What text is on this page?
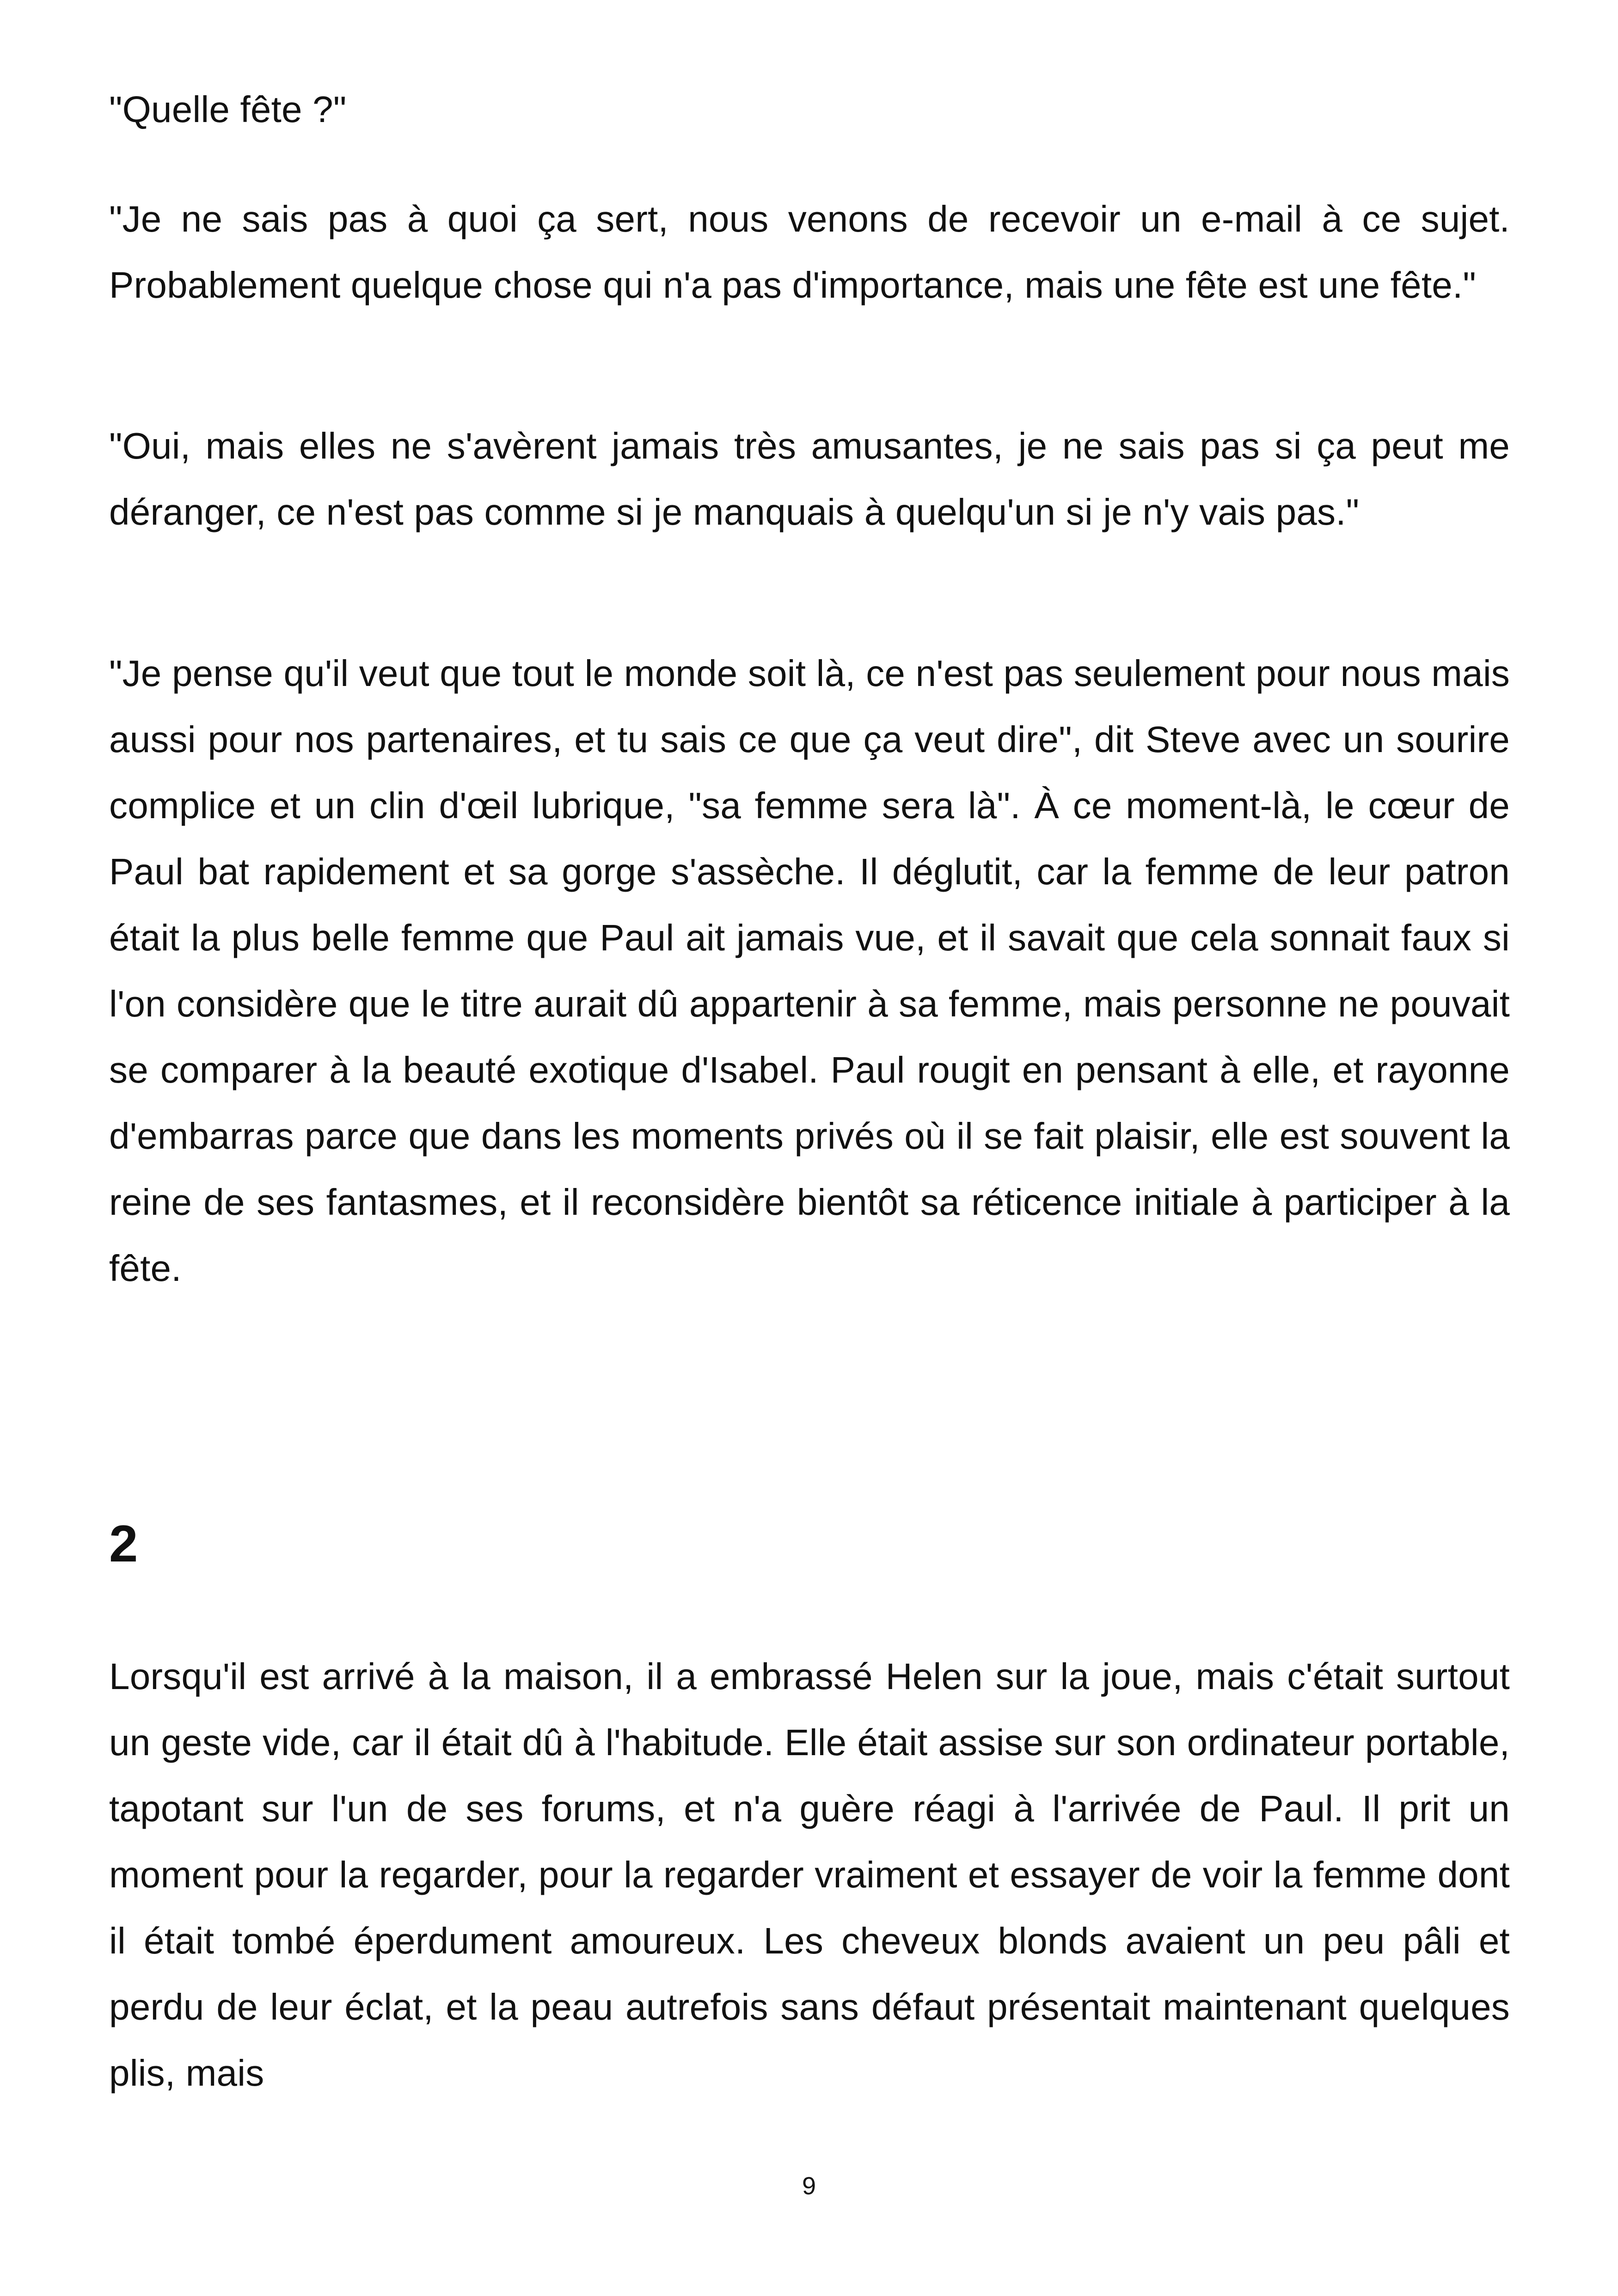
"Quelle fête ?"

"Je ne sais pas à quoi ça sert, nous venons de recevoir un e-mail à ce sujet. Probablement quelque chose qui n'a pas d'importance, mais une fête est une fête."

"Oui, mais elles ne s'avèrent jamais très amusantes, je ne sais pas si ça peut me déranger, ce n'est pas comme si je manquais à quelqu'un si je n'y vais pas."

"Je pense qu'il veut que tout le monde soit là, ce n'est pas seulement pour nous mais aussi pour nos partenaires, et tu sais ce que ça veut dire", dit Steve avec un sourire complice et un clin d'œil lubrique, "sa femme sera là". À ce moment-là, le cœur de Paul bat rapidement et sa gorge s'assèche. Il déglutit, car la femme de leur patron était la plus belle femme que Paul ait jamais vue, et il savait que cela sonnait faux si l'on considère que le titre aurait dû appartenir à sa femme, mais personne ne pouvait se comparer à la beauté exotique d'Isabel. Paul rougit en pensant à elle, et rayonne d'embarras parce que dans les moments privés où il se fait plaisir, elle est souvent la reine de ses fantasmes, et il reconsidère bientôt sa réticence initiale à participer à la fête.

2

Lorsqu'il est arrivé à la maison, il a embrassé Helen sur la joue, mais c'était surtout un geste vide, car il était dû à l'habitude. Elle était assise sur son ordinateur portable, tapotant sur l'un de ses forums, et n'a guère réagi à l'arrivée de Paul. Il prit un moment pour la regarder, pour la regarder vraiment et essayer de voir la femme dont il était tombé éperdument amoureux. Les cheveux blonds avaient un peu pâli et perdu de leur éclat, et la peau autrefois sans défaut présentait maintenant quelques plis, mais

9
